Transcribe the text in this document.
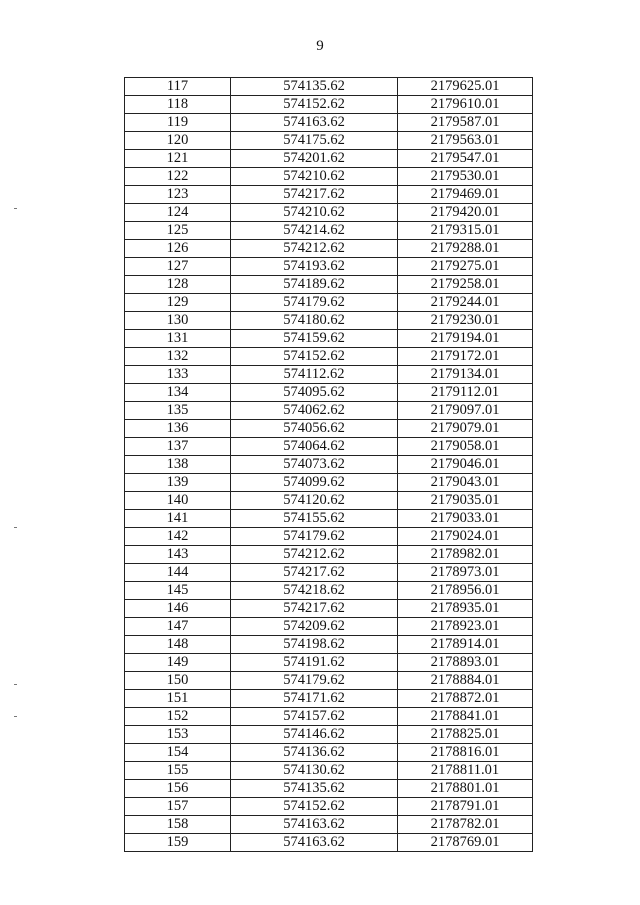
9
117	574135.62	2179625.01
118	574152.62	2179610.01
119	574163.62	2179587.01
120	574175.62	2179563.01
121	574201.62	2179547.01
122	574210.62	2179530.01
123	574217.62	2179469.01
124	574210.62	2179420.01
125	574214.62	2179315.01
126	574212.62	2179288.01
127	574193.62	2179275.01
128	574189.62	2179258.01
129	574179.62	2179244.01
130	574180.62	2179230.01
131	574159.62	2179194.01
132	574152.62	2179172.01
133	574112.62	2179134.01
134	574095.62	2179112.01
135	574062.62	2179097.01
136	574056.62	2179079.01
137	574064.62	2179058.01
138	574073.62	2179046.01
139	574099.62	2179043.01
140	574120.62	2179035.01
141	574155.62	2179033.01
142	574179.62	2179024.01
143	574212.62	2178982.01
144	574217.62	2178973.01
145	574218.62	2178956.01
146	574217.62	2178935.01
147	574209.62	2178923.01
148	574198.62	2178914.01
149	574191.62	2178893.01
150	574179.62	2178884.01
151	574171.62	2178872.01
152	574157.62	2178841.01
153	574146.62	2178825.01
154	574136.62	2178816.01
155	574130.62	2178811.01
156	574135.62	2178801.01
157	574152.62	2178791.01
158	574163.62	2178782.01
159	574163.62	2178769.01
